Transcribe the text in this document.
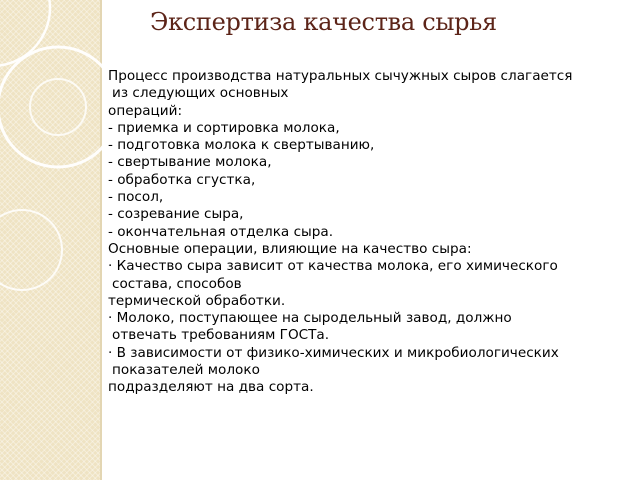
Экспертиза качества сырья

Процесс производства натуральных сычужных сыров слагается

из следующих основных

операций:

- приемка и сортировка молока,

- подготовка молока к свертыванию,

- свертывание молока,

- обработка сгустка,

- посол,

- созревание сыра,

- окончательная отделка сыра.

Основные операции, влияющие на качество сыра:

· Качество сыра зависит от качества молока, его химического

состава, способов

термической обработки.

· Молоко, поступающее на сыродельный завод, должно

отвечать требованиям ГОСТа.

· В зависимости от физико-химических и микробиологических

показателей молоко

подразделяют на два сорта.
